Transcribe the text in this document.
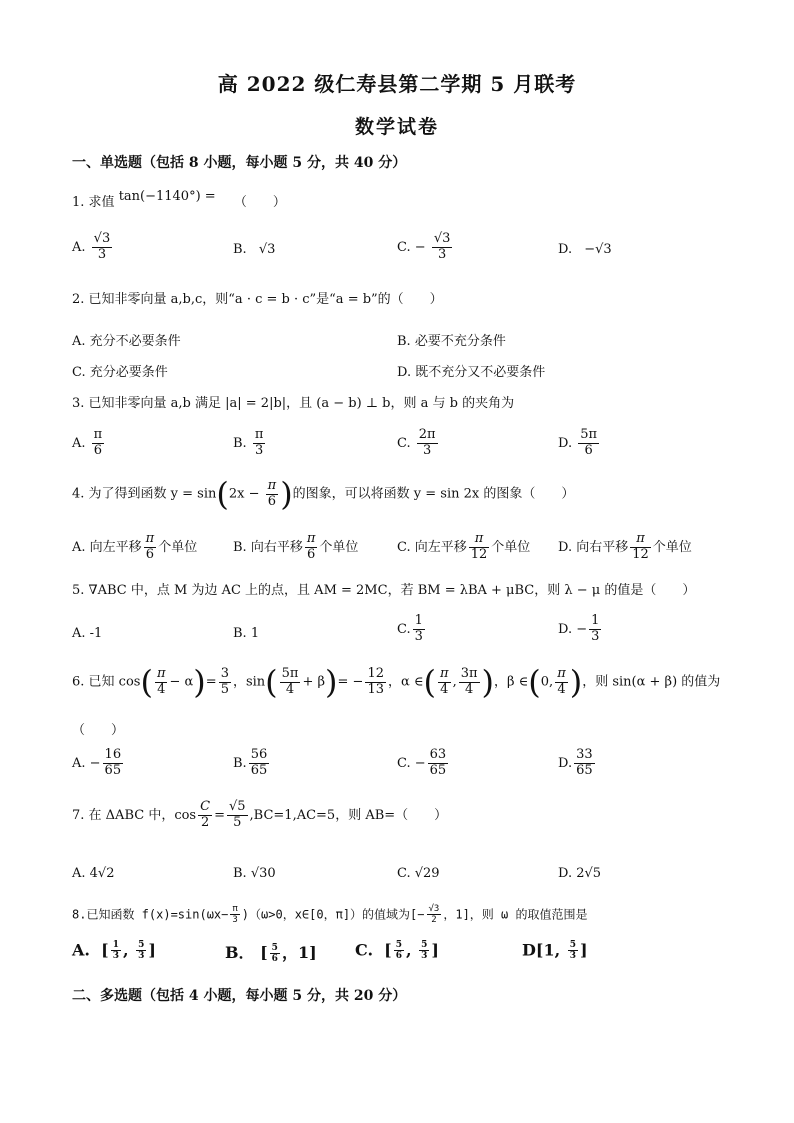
高 2022 级仁寿县第二学期 5 月联考
数学试卷
一、单选题（包括 8 小题，每小题 5 分，共 40 分）
1. 求值 tan(−1140°) = （　　）
A. $\frac{√3}{3}$	B. √3	C. − $\frac{√3}{3}$	D. −√3
2. 已知非零向量 a,b,c，则“a · c = b · c”是“a = b”的（　　）
A. 充分不必要条件	B. 必要不充分条件
C. 充分必要条件	D. 既不充分又不必要条件
3. 已知非零向量 a,b 满足 |a| = 2|b|，且 (a − b) ⊥ b，则 a 与 b 的夹角为
A. $\frac{\pi}{6}$	B. $\frac{\pi}{3}$	C. $\frac{2\pi}{3}$	D. $\frac{5\pi}{6}$
4. 为了得到函数 $y = \sin(2x - \frac{\pi}{6}$ )的图象，可以将函数 y = sin 2x 的图象（　　）
A. 向左平移 $\frac{\pi}{6}$ 个单位	B. 向右平移 $\frac{\pi}{6}$ 个单位	C. 向左平移 $\frac{\pi}{12}$ 个单位 D. 向右平移 $\frac{\pi}{12}$ 个单位
5. ∇ABC 中，点 M 为边 AC 上的点，且 AM = 2MC，若 BM = λBA + μBC，则 λ − μ 的值是（　　）
A. -1	B. 1	C. $\frac{1}{3}$	D. − $\frac{1}{3}$
6. 已知 $\cos( \frac{\pi}{4} - \alpha)= \frac{3}{5}$ ，$\sin( \frac{5\pi}{4} + \beta)= - \frac{12}{13}$ ，α ∈( $\frac{\pi}{4}$ , $\frac{3\pi}{4}$ )，β ∈(0, $\frac{\pi}{4}$ )，则 sin(α + β) 的值为
（　　）
A. − $\frac{16}{65}$	B. $\frac{56}{65}$	C. − $\frac{63}{65}$	D. $\frac{33}{65}$
7. 在 ΔABC 中，$\cos \frac{C}{2} = \frac{√5}{5} ,BC=1,AC=5$，则 AB=（　　）
A. 4√2	B. √30	C. √29	D. 2√5
8.已知函数 $f(x)=\sin(\omega x- \frac{\pi}{3} )(\omega>0$，x∈[0，π]）的值域为[− $\frac{√3}{2}$ ，1]，则 ω 的取值范围是
A.  [ $\frac{1}{3}$ , $\frac{5}{3}$ ]	B． [ $\frac{5}{6}$ ，1] C.  [ $\frac{5}{6}$ , $\frac{5}{3}$ ]	D[1, $\frac{5}{3}$ ]
二、多选题（包括 4 小题，每小题 5 分，共 20 分）
